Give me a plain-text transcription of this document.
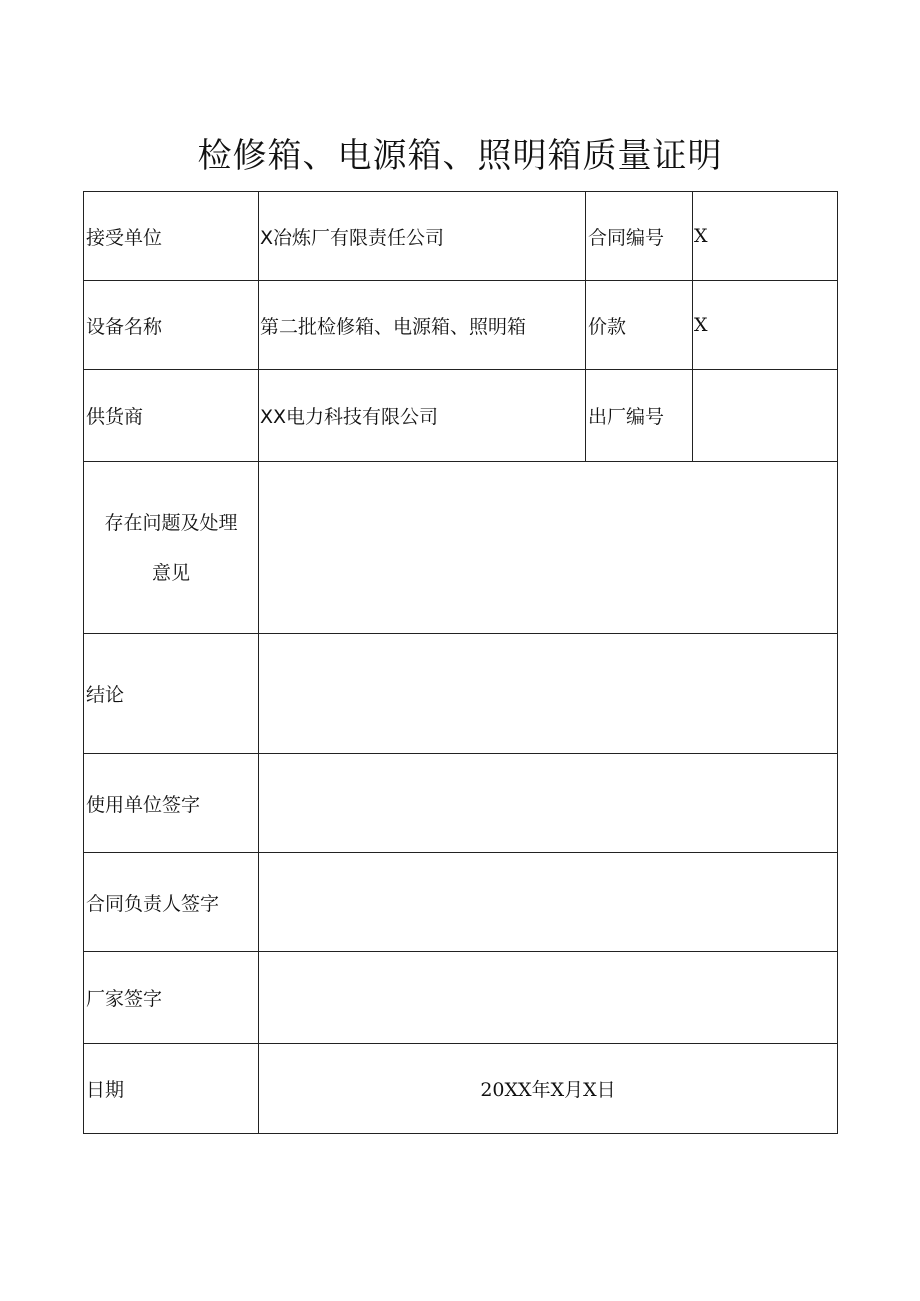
检修箱、电源箱、照明箱质量证明
接受单位	X冶炼厂有限责任公司	合同编号	X
设备名称	第二批检修箱、电源箱、照明箱	价款	X
供货商	XX电力科技有限公司	出厂编号	

存在问题及处理
意见			

结论			
使用单位签字			
合同负责人签字			
厂家签字			
日期	20XX年X月X日		
